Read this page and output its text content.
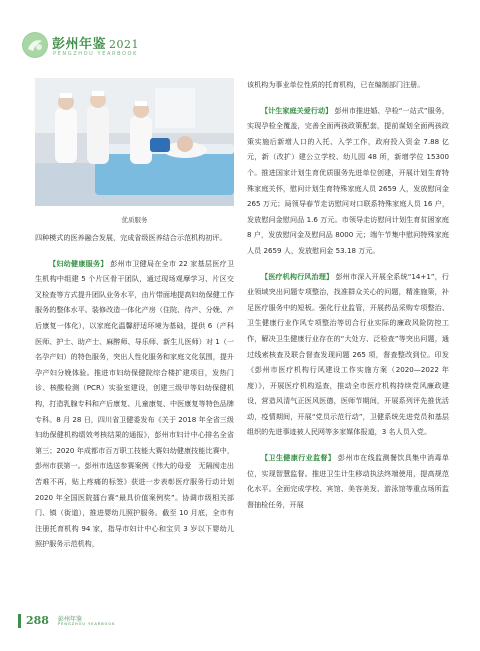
彭州年鉴 2021
PENGZHOU YEARBOOK
优质服务

四种模式的医养融合发展，完成省级医养结合示范机构初评。

【妇幼健康服务】 彭州市卫健局在全市 22 家基层医疗卫生机构中组建 5 个片区骨干团队，通过现场观摩学习、片区交叉检查等方式提升团队业务水平，由片带面地提高妇幼保健工作服务的整体水平。装修改造一体化产房（住院、待产、分娩、产后康复一体化），以家庭化温馨舒适环境为基础，提供 6（产科医师、护士、助产士、麻醉师、导乐师、新生儿医师）对 1（一名孕产妇）的特色服务，突出人性化服务和家庭文化氛围，提升孕产妇分娩体验。推进市妇幼保健院综合楼扩建项目，发热门诊、核酸检测（PCR）实验室建设，创建三级甲等妇幼保健机构，打造乳腺专科和产后康复、儿童康复、中医康复等特色品牌专科。8 月 28 日，四川省卫健委发布《关于 2018 年全省三级妇幼保健机构绩效考核结果的通报》，彭州市妇计中心排名全省第三；2020 年成都市百万职工技能大赛妇幼健康技能比赛中，彭州市获第一。彭州市选送参赛案例《伟大的母爱　无隔阂走出苦难不再，贴上疼痛的标签》获进一步表彰医疗服务行动计划 2020 年全国医院擂台赛“最具价值案例奖”。协调市级相关部门、镇（街道），推进婴幼儿照护服务。截至 10 月底，全市有注册托育机构 94 家，指导市妇计中心和宝贝 3 岁以下婴幼儿照护服务示范机构，

该机构为事业单位性质的托育机构，已在编制部门注册。

【计生家庭关爱行动】 彭州市推进婚、孕检“一站式”服务，实现孕检全覆盖，完善全面两孩政策配套，提前谋划全面两孩政策实施后新增人口的入托、入学工作，政府投入资金 7.88 亿元，新（改扩）建公立学校、幼儿园 48 所，新增学位 15300 个。推进国家计划生育优质服务先进单位创建，开展计划生育特殊家庭关怀，慰问计划生育特殊家庭人员 2659 人，发放慰问金 265 万元；局领导春节走访慰问对口联系特殊家庭人员 16 户，发放慰问金慰问品 1.6 万元。市领导走访慰问计划生育贫困家庭 8 户，发放慰问金及慰问品 8000 元；端午节集中慰问特殊家庭人员 2659 人，发放慰问金 53.18 万元。

【医疗机构行风治理】 彭州市深入开展全系统“14+1”，行业领域突出问题专项整治，找准群众关心的问题，精准施策，补足医疗服务中的短板。强化行业监管，开展药品采购专项整治、卫生健康行业作风专项整治等切合行业实际的廉政风险防控工作，解决卫生健康行业存在的“大处方、泛检查”等突出问题，通过线索核查及联合督查发现问题 265 项，督查整改到位。印发《彭州市医疗机构行风建设工作实施方案（2020—2022 年度）》，开展医疗机构巡查，推动全市医疗机构持续党风廉政建设，营造风清气正医风医德，医师节期间，开展系列评先推优活动，疫情期间，开展“党员示范行动”，卫健系统先进党员和基层组织的先进事迹被人民网等多家媒体报道，3 名人员入党。

【卫生健康行业监督】 彭州市在线监测餐饮具集中消毒单位，实现智慧监督。推进卫生计生移动执法终端使用，提高规范化水平。全面完成学校、宾馆、美容美发、游泳馆等重点场所监督抽检任务，开展

288 彭州年鉴
PENGZHOU YEARBOOK
